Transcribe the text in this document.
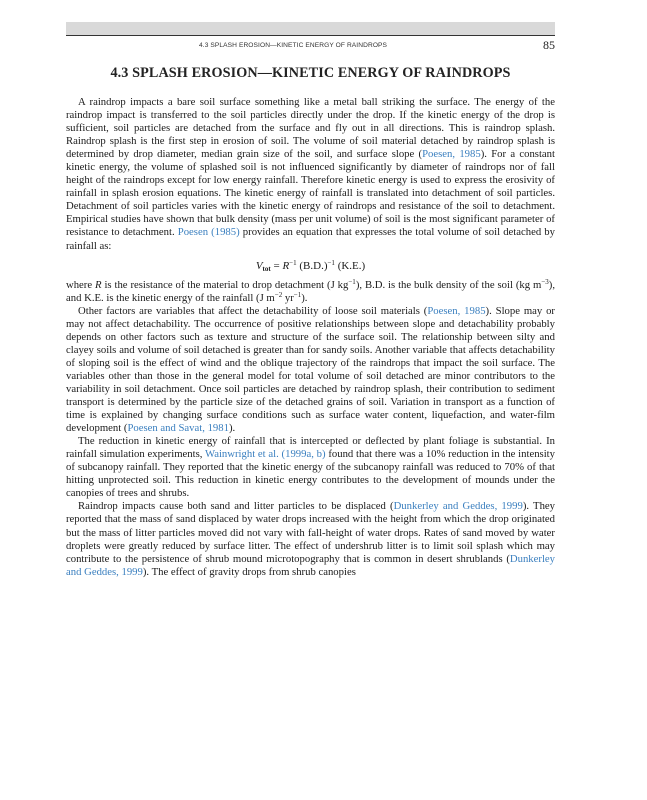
4.3 SPLASH EROSION—KINETIC ENERGY OF RAINDROPS	85
4.3 SPLASH EROSION—KINETIC ENERGY OF RAINDROPS

A raindrop impacts a bare soil surface something like a metal ball striking the surface. The energy of the raindrop impact is transferred to the soil particles directly under the drop. If the kinetic energy of the drop is sufficient, soil particles are detached from the surface and fly out in all directions. This is raindrop splash. Raindrop splash is the first step in erosion of soil. The volume of soil material detached by raindrop splash is determined by drop diameter, median grain size of the soil, and surface slope (Poesen, 1985). For a constant kinetic energy, the volume of splashed soil is not influenced significantly by diameter of raindrops nor of fall height of the raindrops except for low energy rainfall. Therefore kinetic energy is used to express the erosivity of rainfall in splash erosion equations. The kinetic energy of rainfall is translated into detachment of soil particles. Detachment of soil particles varies with the kinetic energy of raindrops and resistance of the soil to detachment. Empirical studies have shown that bulk density (mass per unit volume) of soil is the most significant parameter of resistance to detachment. Poesen (1985) provides an equation that expresses the total volume of soil detached by rainfall as:

$V_{tot} = R^{-1}$ $(B.D.)^{-1}$ (K.E.)

where R is the resistance of the material to drop detachment (J $kg^{-1}$), B.D. is the bulk density of the soil (kg $m^{-3}$), and K.E. is the kinetic energy of the rainfall (J $m^{-2}$ $yr^{-1}$).

Other factors are variables that affect the detachability of loose soil materials (Poesen, 1985). Slope may or may not affect detachability. The occurrence of positive relationships between slope and detachability probably depends on other factors such as texture and structure of the surface soil. The relationship between silty and clayey soils and volume of soil detached is greater than for sandy soils. Another variable that affects detachability of sloping soil is the effect of wind and the oblique trajectory of the raindrops that impact the soil surface. The variables other than those in the general model for total volume of soil detached are minor contributors to the variability in soil detachment. Once soil particles are detached by raindrop splash, their contribution to sediment transport is determined by the particle size of the detached grains of soil. Variation in transport as a function of time is explained by changing surface conditions such as surface water content, liquefaction, and water-film development (Poesen and Savat, 1981).

The reduction in kinetic energy of rainfall that is intercepted or deflected by plant foliage is substantial. In rainfall simulation experiments, Wainwright et al. (1999a, b) found that there was a 10% reduction in the intensity of subcanopy rainfall. They reported that the kinetic energy of the subcanopy rainfall was reduced to 70% of that hitting unprotected soil. This reduction in kinetic energy contributes to the development of mounds under the canopies of trees and shrubs.

Raindrop impacts cause both sand and litter particles to be displaced (Dunkerley and Geddes, 1999). They reported that the mass of sand displaced by water drops increased with the height from which the drop originated but the mass of litter particles moved did not vary with fall-height of water drops. Rates of sand moved by water droplets were greatly reduced by surface litter. The effect of undershrub litter is to limit soil splash which may contribute to the persistence of shrub mound microtopography that is common in desert shrublands (Dunkerley and Geddes, 1999). The effect of gravity drops from shrub canopies
